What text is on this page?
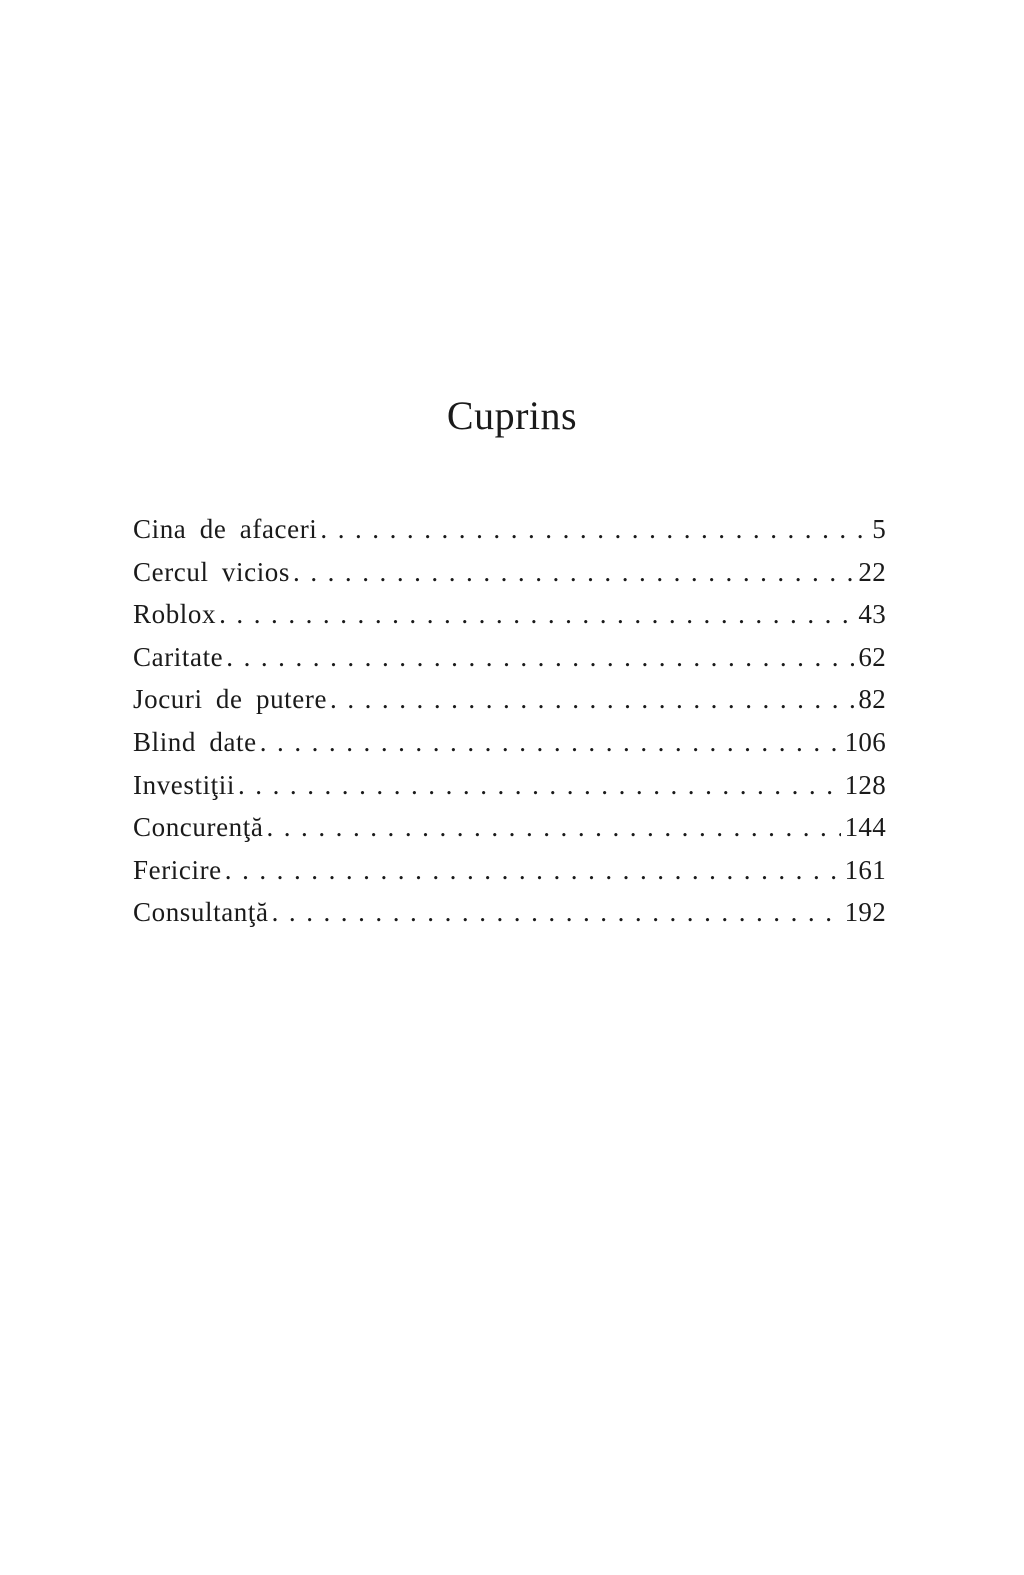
Cuprins
Cina de afaceri . . .	5
Cercul vicios . . .	22
Roblox . . .	43
Caritate . . .	62
Jocuri de putere . . .	82
Blind date . . .	106
Investiţii . . .	128
Concurenţă . . .	144
Fericire . . .	161
Consultanţă . . .	192
